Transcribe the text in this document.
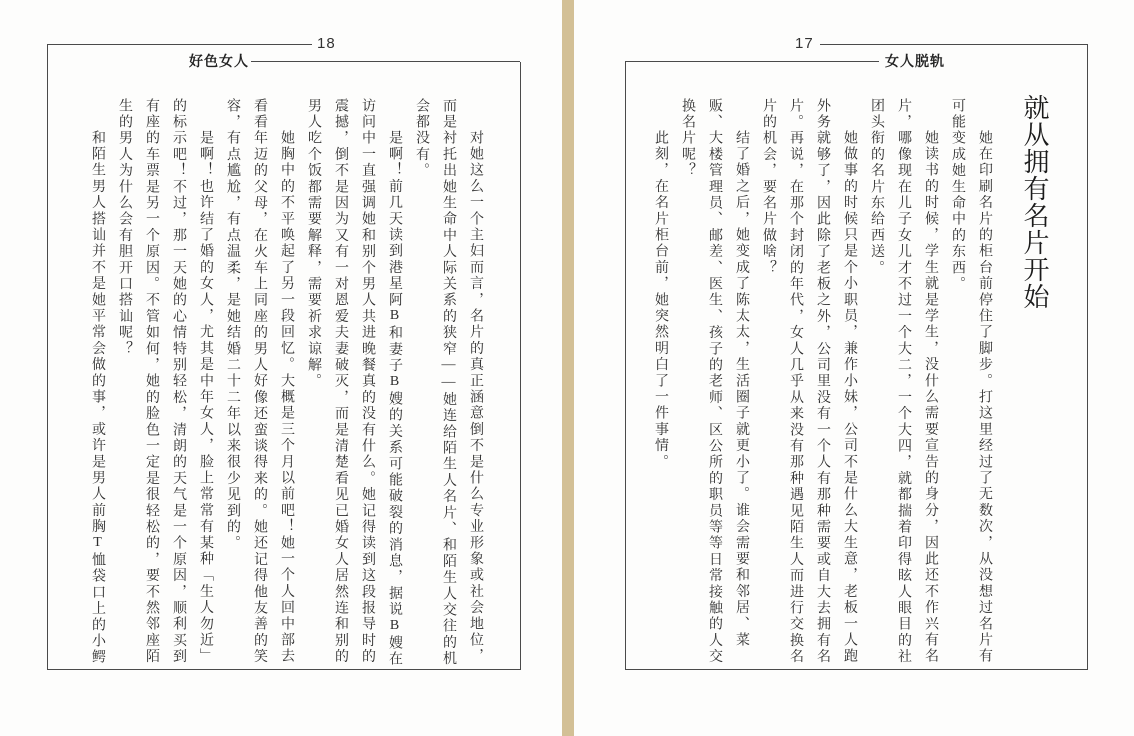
18
好色女人
对她这么一个主妇而言，名片的真正涵意倒不是什么专业形象或社会地位，
而是衬托出她生命中人际关系的狭窄——她连给陌生人名片、和陌生人交往的机
会都没有。
是啊！前几天读到港星阿B和妻子B嫂的关系可能破裂的消息，据说B嫂在
访问中一直强调她和别个男人共进晚餐真的没有什么。她记得读到这段报导时的
震撼，倒不是因为又有一对恩爱夫妻破灭，而是清楚看见已婚女人居然连和别的
男人吃个饭都需要解释，需要祈求谅解。
她胸中的不平唤起了另一段回忆。大概是三个月以前吧！她一个人回中部去
看看年迈的父母，在火车上同座的男人好像还蛮谈得来的。她还记得他友善的笑
容，有点尴尬，有点温柔，是她结婚二十二年以来很少见到的。
是啊！也许结了婚的女人，尤其是中年女人，脸上常常有某种「生人勿近」
的标示吧！不过，那一天她的心情特别轻松，清朗的天气是一个原因，顺利买到
有座的车票是另一个原因。不管如何，她的脸色一定是很轻松的，要不然邻座陌
生的男人为什么会有胆开口搭讪呢？
和陌生男人搭讪并不是她平常会做的事，或许是男人前胸T恤袋口上的小鳄
17
女人脱轨
就从拥有名片开始
她在印刷名片的柜台前停住了脚步。打这里经过了无数次，从没想过名片有
可能变成她生命中的东西。
她读书的时候，学生就是学生，没什么需要宣告的身分，因此还不作兴有名
片，哪像现在儿子女儿才不过一个大二，一个大四，就都揣着印得眩人眼目的社
团头衔的名片东给西送。
她做事的时候只是个小职员，兼作小妹，公司不是什么大生意，老板一人跑
外务就够了，因此除了老板之外，公司里没有一个人有那种需要或自大去拥有名
片。再说，在那个封闭的年代，女人几乎从来没有那种遇见陌生人而进行交换名
片的机会，要名片做啥？
结了婚之后，她变成了陈太太，生活圈子就更小了。谁会需要和邻居、菜
贩、大楼管理员、邮差、医生、孩子的老师、区公所的职员等等日常接触的人交
换名片呢？
此刻，在名片柜台前，她突然明白了一件事情。
